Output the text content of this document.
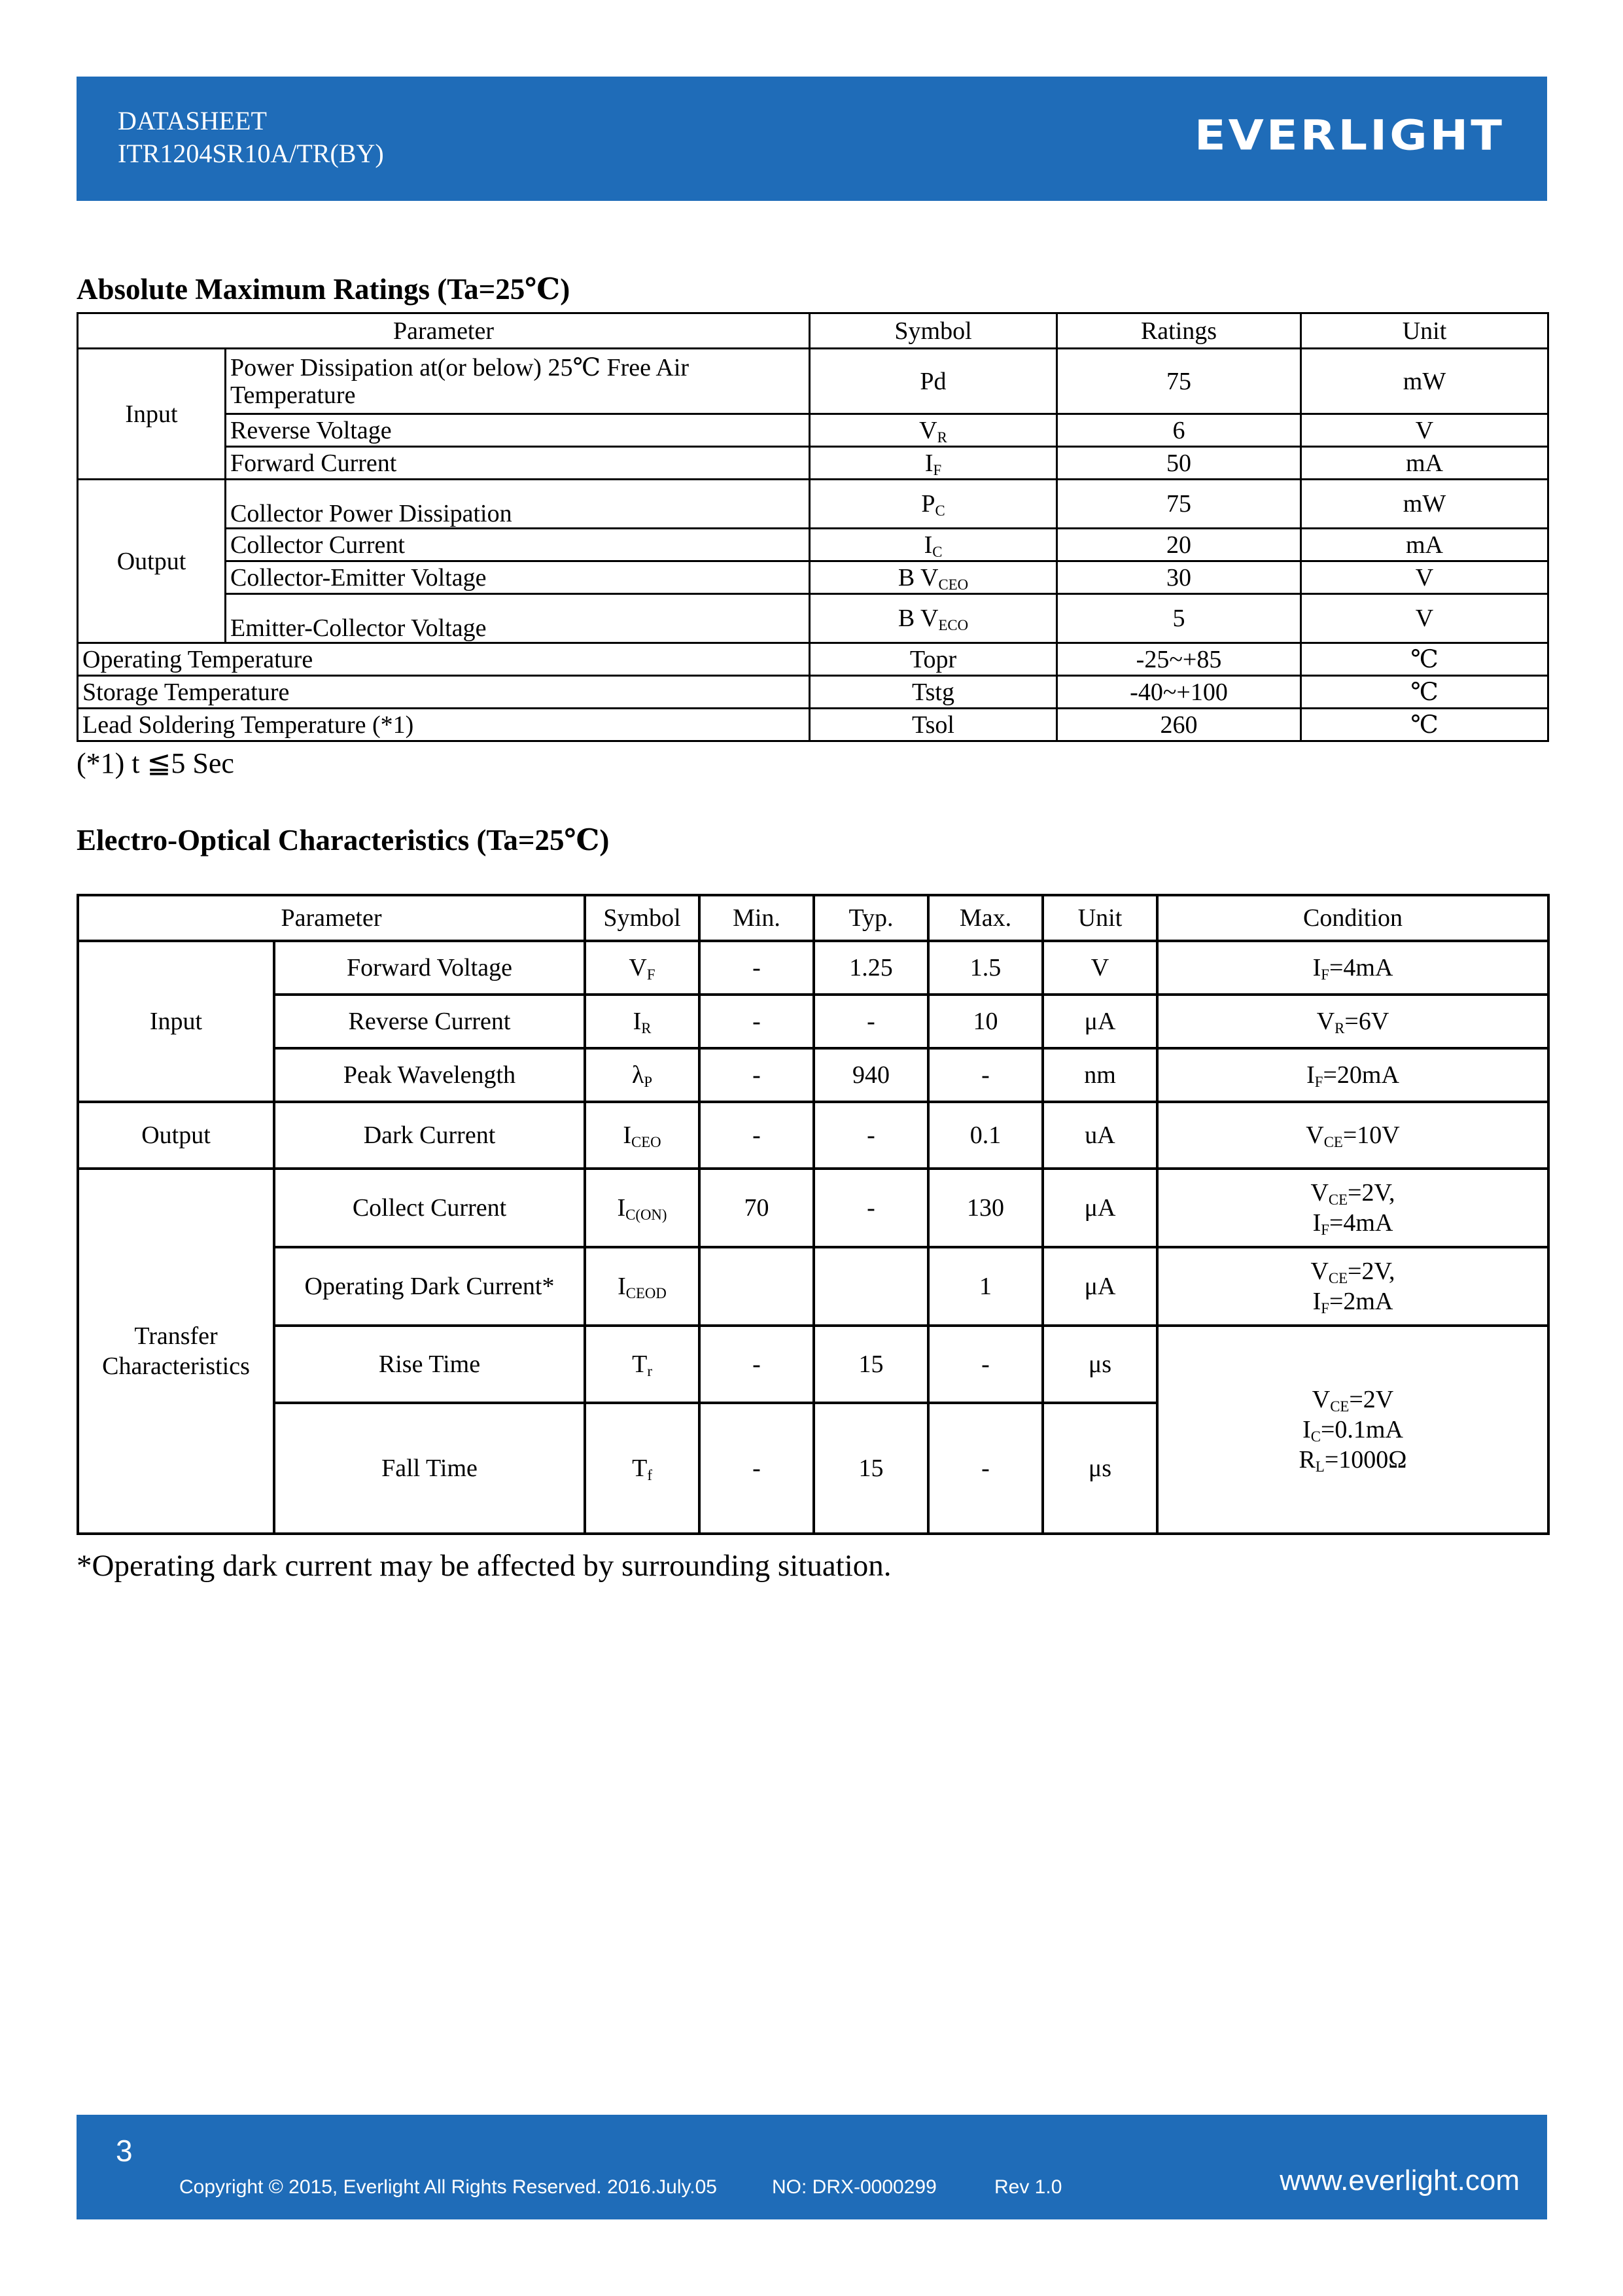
DATASHEET
ITR1204SR10A/TR(BY)	EVERLIGHT
Absolute Maximum Ratings (Ta=25℃)
Parameter		Symbol	Ratings	Unit
Input	Power Dissipation at(or below) 25℃ Free Air Temperature	Pd	75	mW
	Reverse Voltage	$V_R$	6	V
	Forward Current	$I_F$	50	mA
Output	Collector Power Dissipation	$P_C$	75	mW
	Collector Current	$I_C$	20	mA
	Collector-Emitter Voltage	B $V_{CEO}$	30	V
	Emitter-Collector Voltage	B $V_{ECO}$	5	V
Operating Temperature		Topr	-25~+85	℃
Storage Temperature		Tstg	-40~+100	℃
Lead Soldering Temperature (*1)		Tsol	260	℃
(*1) t ≦5 Sec
Electro-Optical Characteristics (Ta=25℃)
Parameter		Symbol	Min.	Typ.	Max.	Unit	Condition
Input	Forward Voltage	$V_F$	-	1.25	1.5	V	$I_F=4mA$
	Reverse Current	$I_R$	-	-	10	μA	$V_R=6V$
	Peak Wavelength	$\lambda_P$	-	940	-	nm	$I_F=20mA$
Output	Dark Current	$I_{CEO}$	-	-	0.1	uA	$V_{CE}=10V$
Transfer Characteristics	Collect Current	$I_{C(ON)}$	70	-	130	μA	$V_{CE}=2V$,
$I_F=4mA$

	Operating Dark Current*	$I_{CEOD}$			1	μA	$V_{CE}=2V$,
$I_F=2mA$

	Rise Time	$T_r$	-	15	-	μs	$V_{CE}=2V$
$I_C=0.1mA$
$R_L=1000\Omega$

	Fall Time	$T_f$	-	15	-	μs	
*Operating dark current may be affected by surrounding situation.
3
Copyright © 2015, Everlight All Rights Reserved. 2016.July.05	NO: DRX-0000299	Rev 1.0	www.everlight.com
